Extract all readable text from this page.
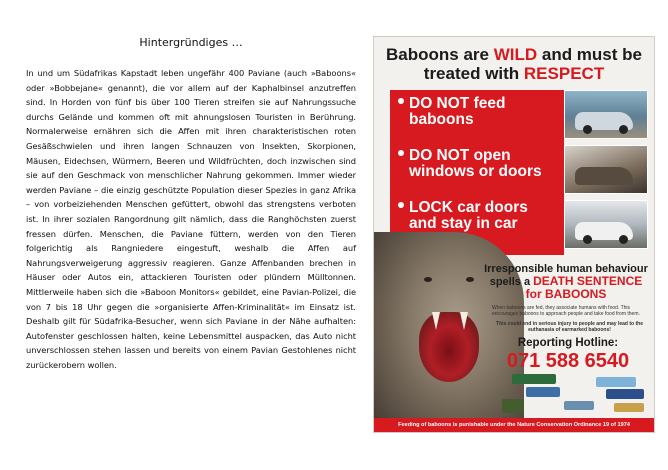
Hintergründiges …

In und um Südafrikas Kapstadt leben ungefähr 400 Paviane (auch »Baboons« oder »Bobbejane« genannt), die vor allem auf der Kaphalbinsel anzutreffen sind. In Horden von fünf bis über 100 Tieren streifen sie auf Nahrungssuche durchs Gelände und kommen oft mit ahnungslosen Touristen in Berührung. Normalerweise ernähren sich die Affen mit ihren charakteristischen roten Gesäßschwielen und ihren langen Schnauzen von Insekten, Skorpionen, Mäusen, Eidechsen, Würmern, Beeren und Wildfrüchten, doch inzwischen sind sie auf den Geschmack von menschlicher Nahrung gekommen. Immer wieder werden Paviane – die einzig geschützte Population dieser Spezies in ganz Afrika – von vorbeiziehenden Menschen gefüttert, obwohl das strengstens verboten ist. In ihrer sozialen Rangordnung gilt nämlich, dass die Ranghöchsten zuerst fressen dürfen. Menschen, die Paviane füttern, werden von den Tieren folgerichtig als Rangniedere eingestuft, weshalb die Affen auf Nahrungsverweigerung aggressiv reagieren. Ganze Affenbanden brechen in Häuser oder Autos ein, attackieren Touristen oder plündern Mülltonnen. Mittlerweile haben sich die »Baboon Monitors« gebildet, eine Pavian-Polizei, die von 7 bis 18 Uhr gegen die »organisierte Affen-Kriminalität« im Einsatz ist. Deshalb gilt für Südafrika-Besucher, wenn sich Paviane in der Nähe aufhalten: Autofenster geschlossen halten, keine Lebensmittel auspacken, das Auto nicht unverschlossen stehen lassen und bereits von einem Pavian Gestohlenes nicht zurückerobern wollen.

Baboons are WILD and must be treated with RESPECT
DO NOT feed
baboons
DO NOT open
windows or doors
LOCK car doors
and stay in car
Irresponsible human behaviour
spells a DEATH SENTENCE
for BABOONS

When baboons are fed, they associate humans with food. This encourages baboons to approach people and take food from them.

This could end in serious injury to people and may lead to the euthanasia of earmarked baboons!

Reporting Hotline:
071 588 6540
Feeding of baboons is punishable under the Nature Conservation Ordinance 19 of 1974
